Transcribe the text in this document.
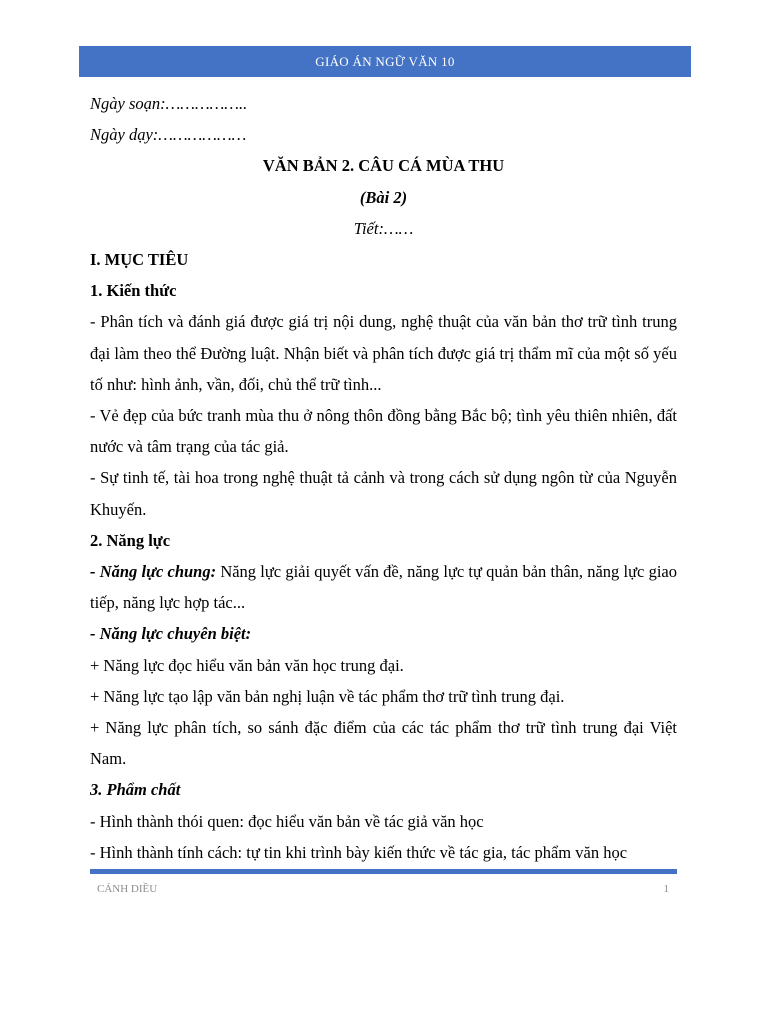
GIÁO ÁN NGỮ VĂN 10

Ngày soạn:……………..

Ngày dạy:………………

VĂN BẢN 2. CÂU CÁ MÙA THU

(Bài 2)

Tiết:……

I. MỤC TIÊU

1. Kiến thức

- Phân tích và đánh giá được giá trị nội dung, nghệ thuật của văn bản thơ trữ tình trung đại làm theo thể Đường luật. Nhận biết và phân tích được giá trị thẩm mĩ của một số yếu tố như: hình ảnh, vần, đối, chủ thể trữ tình...

- Vẻ đẹp của bức tranh mùa thu ở nông thôn đồng bằng Bắc bộ; tình yêu thiên nhiên, đất nước và tâm trạng của tác giả.

- Sự tinh tế, tài hoa trong nghệ thuật tả cảnh và trong cách sử dụng ngôn từ của Nguyễn Khuyến.

2. Năng lực

- Năng lực chung: Năng lực giải quyết vấn đề, năng lực tự quản bản thân, năng lực giao tiếp, năng lực hợp tác...

- Năng lực chuyên biệt:

+ Năng lực đọc hiểu văn bản văn học trung đại.

+ Năng lực tạo lập văn bản nghị luận về tác phẩm thơ trữ tình trung đại.

+ Năng lực phân tích, so sánh đặc điểm của các tác phẩm thơ trữ tình trung đại Việt Nam.

3. Phẩm chất

- Hình thành thói quen: đọc hiểu văn bản về tác giả văn học

- Hình thành tính cách: tự tin khi trình bày kiến thức về tác gia, tác phẩm văn học

CÁNH DIỀU	1
